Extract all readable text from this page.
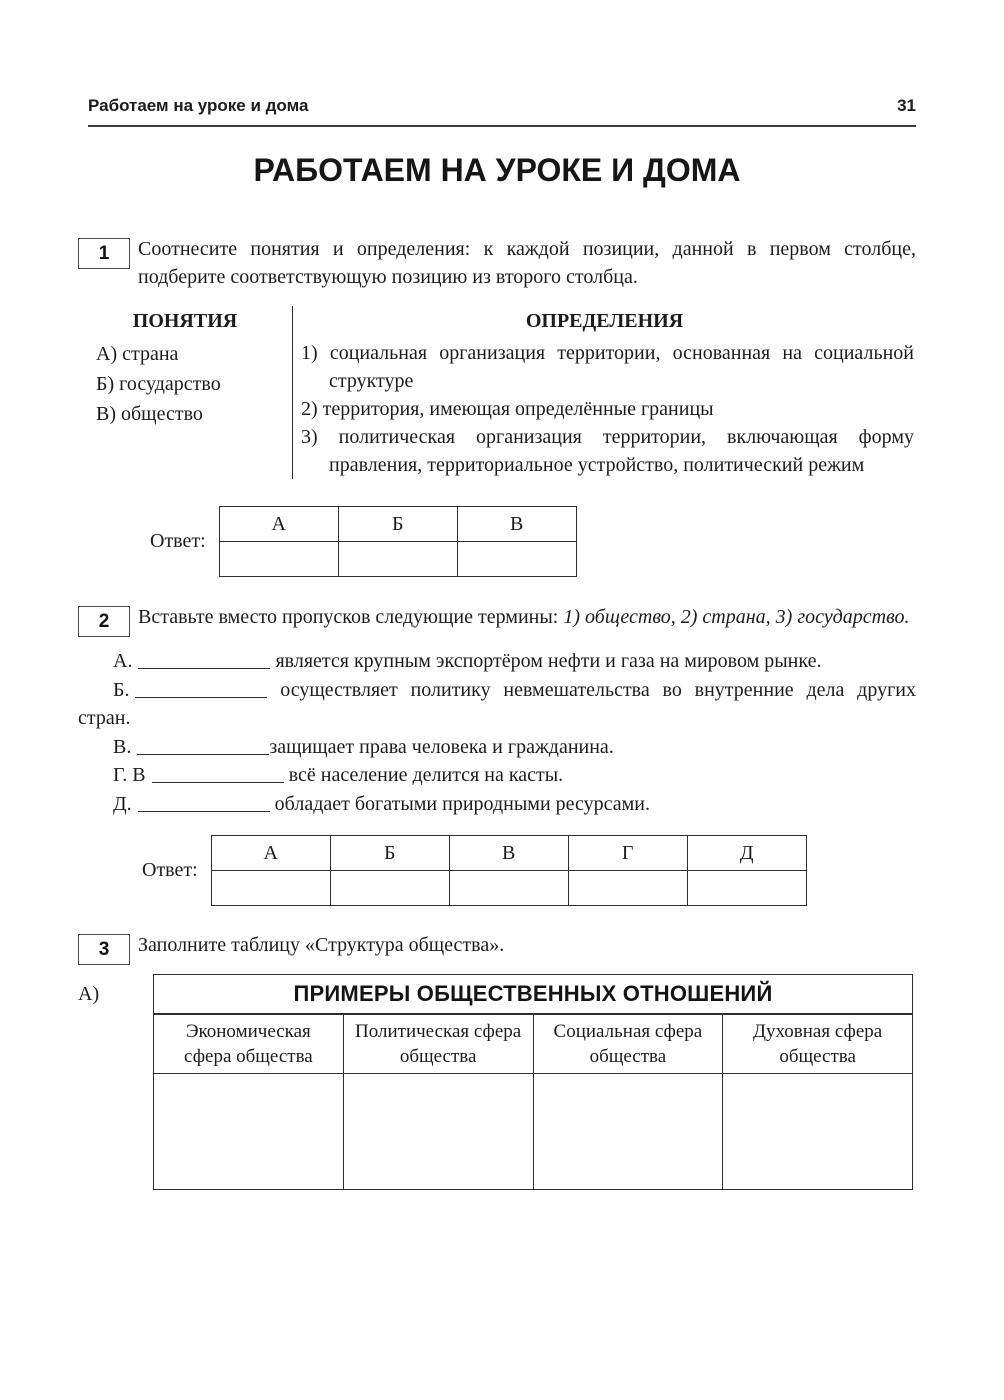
Работаем на уроке и дома	31
РАБОТАЕМ НА УРОКЕ И ДОМА
1	Соотнесите понятия и определения: к каждой позиции, данной в первом столбце, подберите соответствующую позицию из второго столбца.
ПОНЯТИЯ
А) страна
Б) государство
В) общество
ОПРЕДЕЛЕНИЯ
1) социальная организация территории, основанная на социальной структуре
2) территория, имеющая определённые границы
3) политическая организация территории, включающая форму правления, территориальное устройство, политический режим
Ответ:
А	Б	В

2	Вставьте вместо пропусков следующие термины: 1) общество, 2) страна, 3) государство.

А.	является крупным экспортёром нефти и газа на мировом рынке.

Б.	осуществляет политику невмешательства во внутренние дела других стран.

В.	защищает права человека и гражданина.

Г. В	всё население делится на касты.

Д.	обладает богатыми природными ресурсами.

Ответ:
А	Б	В	Г	Д

3	Заполните таблицу «Структура общества».
А)	ПРИМЕРЫ ОБЩЕСТВЕННЫХ ОТНОШЕНИЙ			
Экономическая сфера общества	Политическая сфера общества	Социальная сфера общества	Духовная сфера общества
